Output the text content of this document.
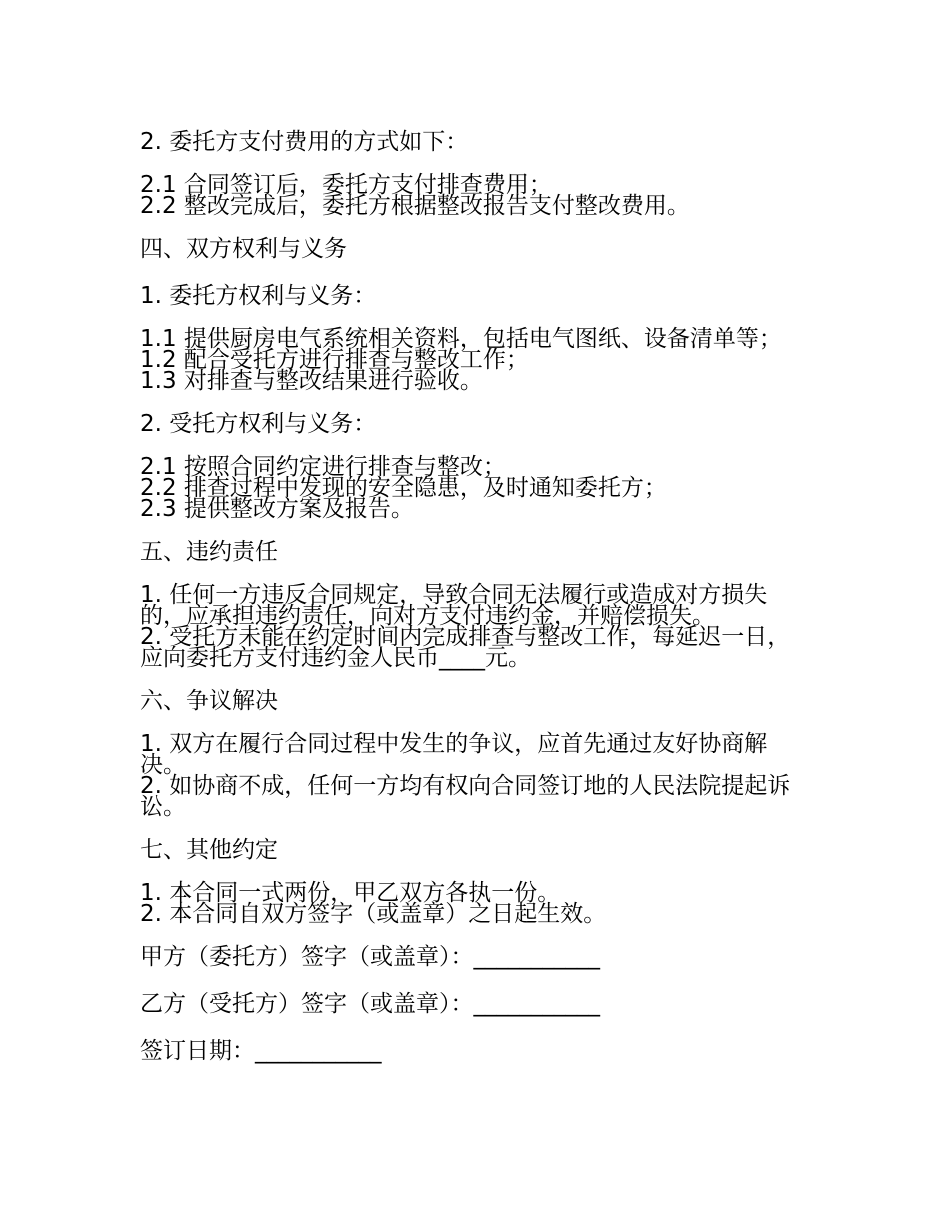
2. 委托方支付费用的方式如下：

2.1 合同签订后，委托方支付排查费用；

2.2 整改完成后，委托方根据整改报告支付整改费用。

四、双方权利与义务

1. 委托方权利与义务：

1.1 提供厨房电气系统相关资料，包括电气图纸、设备清单等；

1.2 配合受托方进行排查与整改工作；

1.3 对排查与整改结果进行验收。

2. 受托方权利与义务：

2.1 按照合同约定进行排查与整改；

2.2 排查过程中发现的安全隐患，及时通知委托方；

2.3 提供整改方案及报告。

五、违约责任

1. 任何一方违反合同规定，导致合同无法履行或造成对方损失的，应承担违约责任，向对方支付违约金，并赔偿损失。

2. 受托方未能在约定时间内完成排查与整改工作，每延迟一日，应向委托方支付违约金人民币____元。

六、争议解决

1. 双方在履行合同过程中发生的争议，应首先通过友好协商解决。

2. 如协商不成，任何一方均有权向合同签订地的人民法院提起诉讼。

七、其他约定

1. 本合同一式两份，甲乙双方各执一份。

2. 本合同自双方签字（或盖章）之日起生效。

甲方（委托方）签字（或盖章）：___________

乙方（受托方）签字（或盖章）：___________

签订日期：___________
